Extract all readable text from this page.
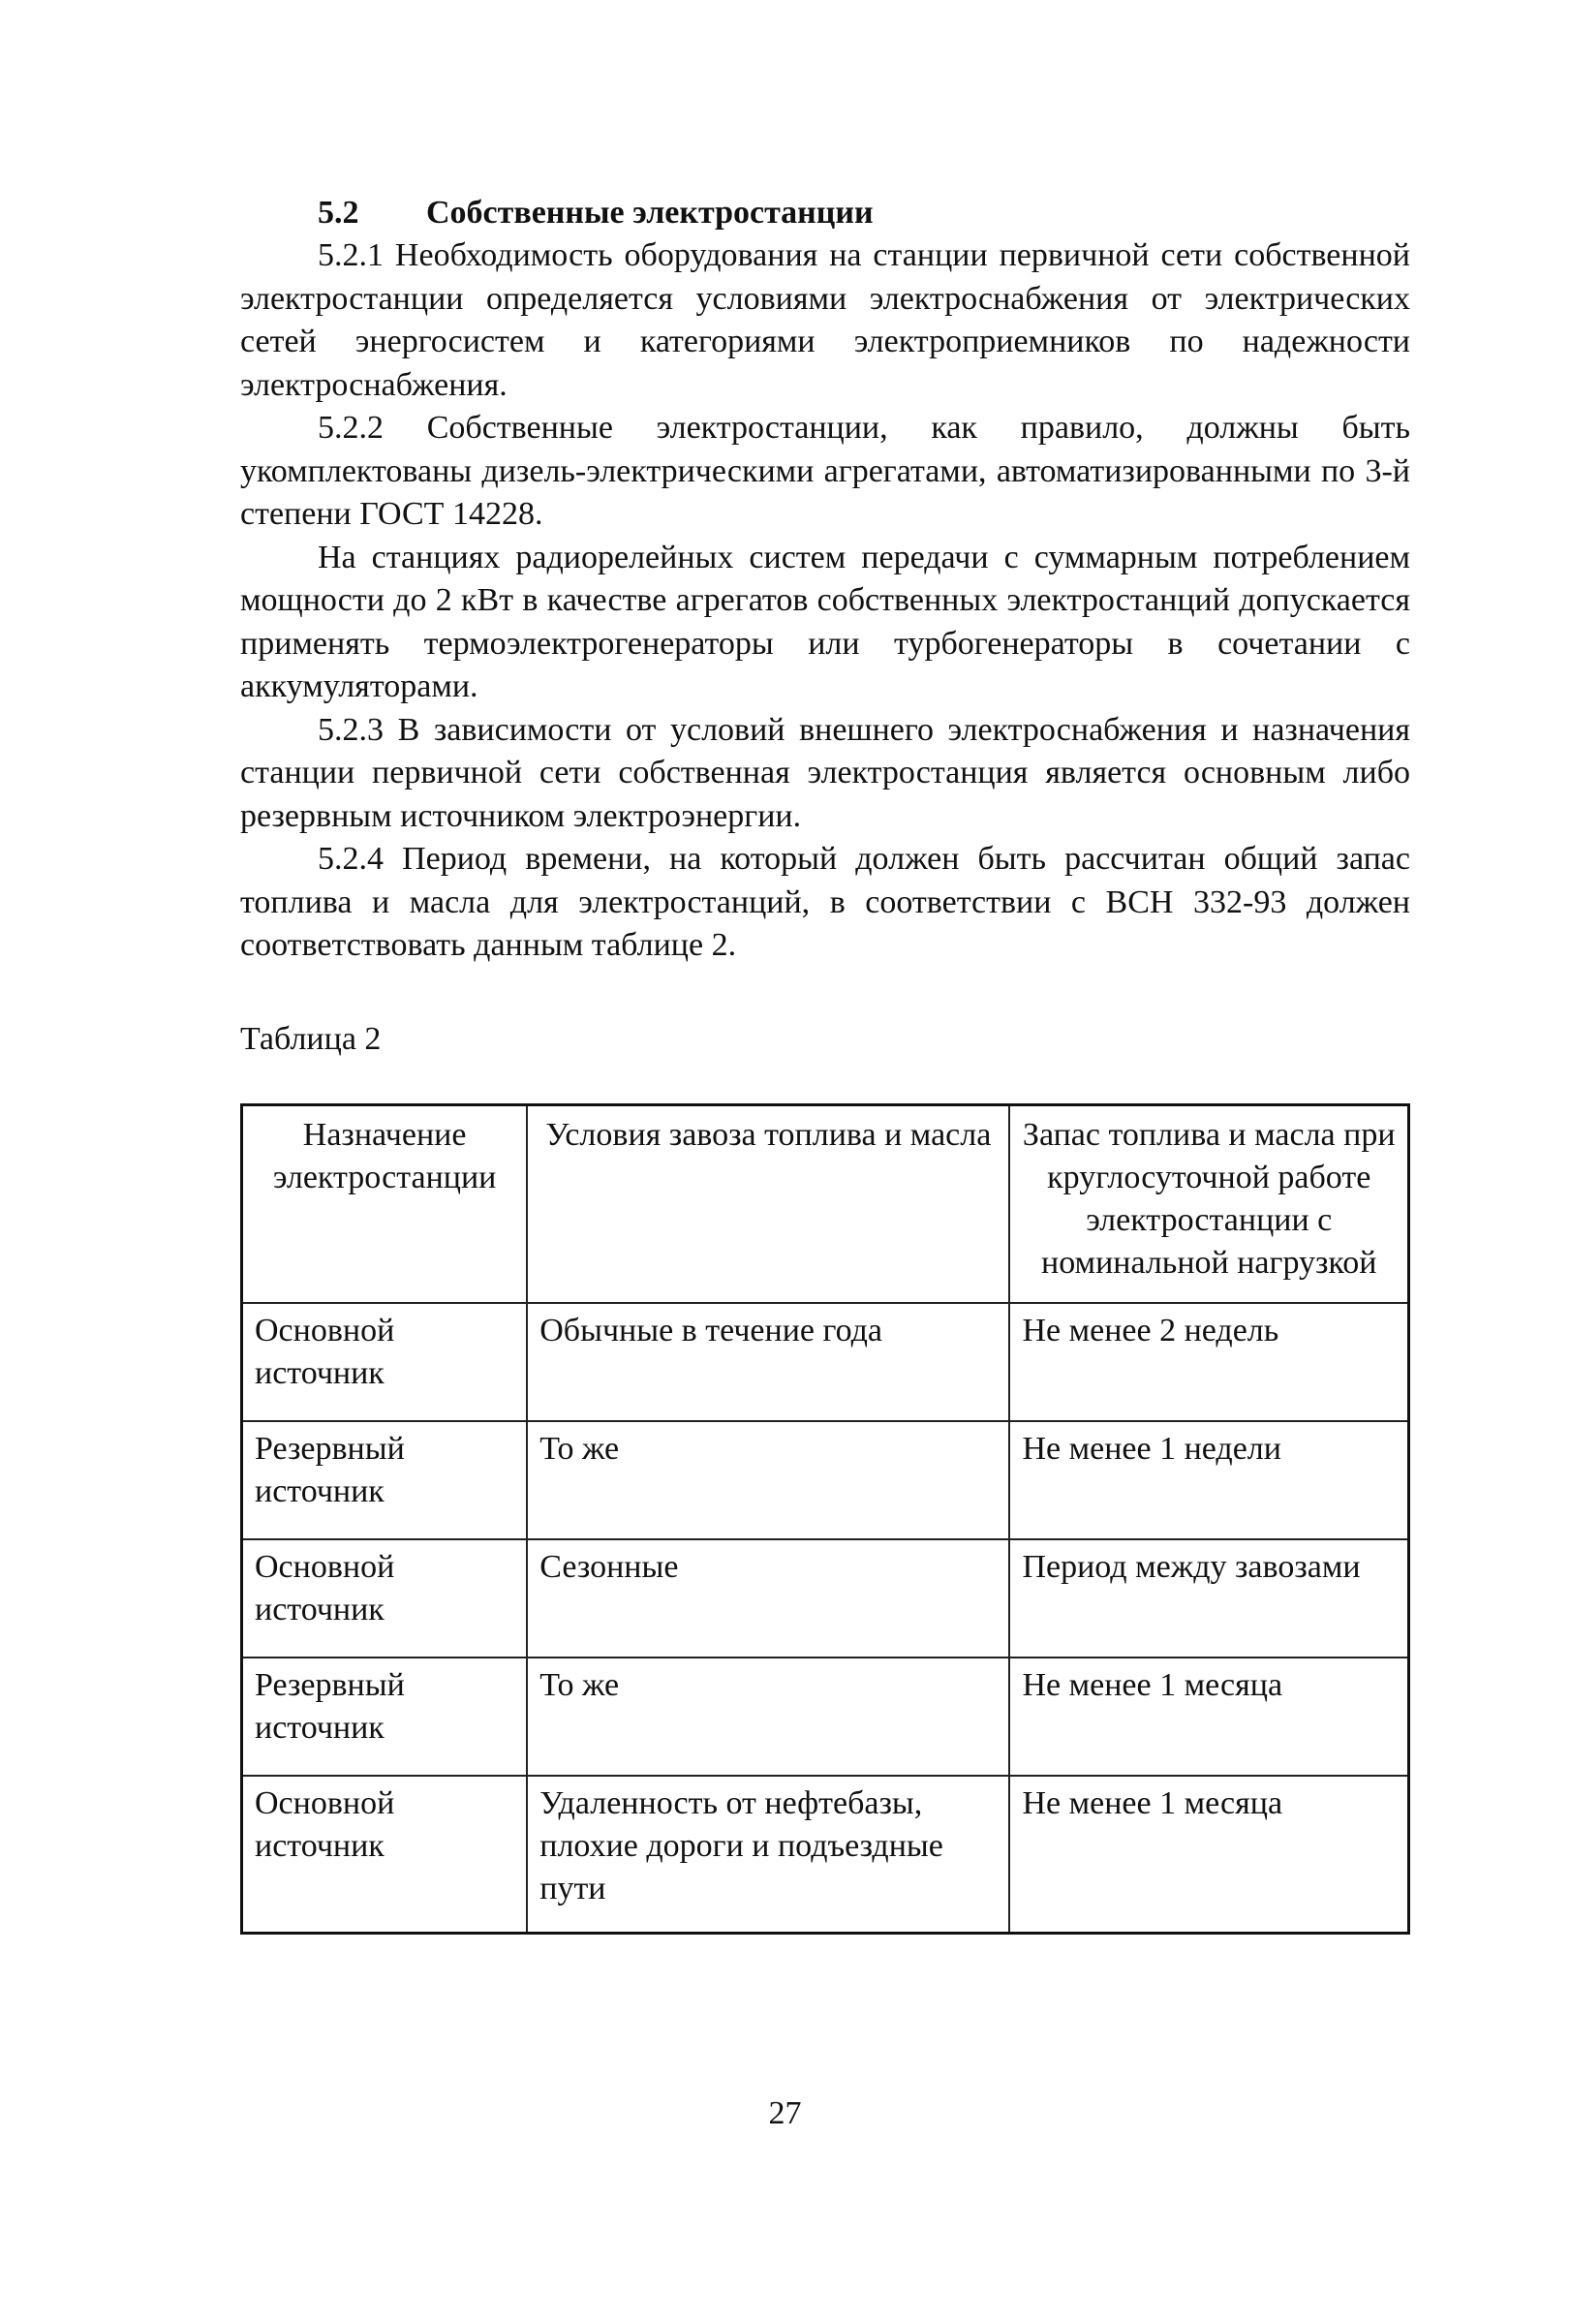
5.2 Собственные электростанции

5.2.1 Необходимость оборудования на станции первичной сети собственной электростанции определяется условиями электроснабжения от электрических сетей энергосистем и категориями электроприемников по надежности электроснабжения.

5.2.2 Собственные электростанции, как правило, должны быть укомплектованы дизель-электрическими агрегатами, автоматизированными по 3-й степени ГОСТ 14228.

На станциях радиорелейных систем передачи с суммарным потреблением мощности до 2 кВт в качестве агрегатов собственных электростанций допускается применять термоэлектрогенераторы или турбогенераторы в сочетании с аккумуляторами.

5.2.3 В зависимости от условий внешнего электроснабжения и назначения станции первичной сети собственная электростанция является основным либо резервным источником электроэнергии.

5.2.4 Период времени, на который должен быть рассчитан общий запас топлива и масла для электростанций, в соответствии с ВСН 332-93 должен соответствовать данным таблице 2.

Таблица 2
Назначение электростанции	Условия завоза топлива и масла	Запас топлива и масла при круглосуточной работе электростанции с номинальной нагрузкой
Основной источник	Обычные в течение года	Не менее 2 недель
Резервный источник	То же	Не менее 1 недели
Основной источник	Сезонные	Период между завозами
Резервный источник	То же	Не менее 1 месяца
Основной источник	Удаленность от нефтебазы, плохие дороги и подъездные пути	Не менее 1 месяца
27
